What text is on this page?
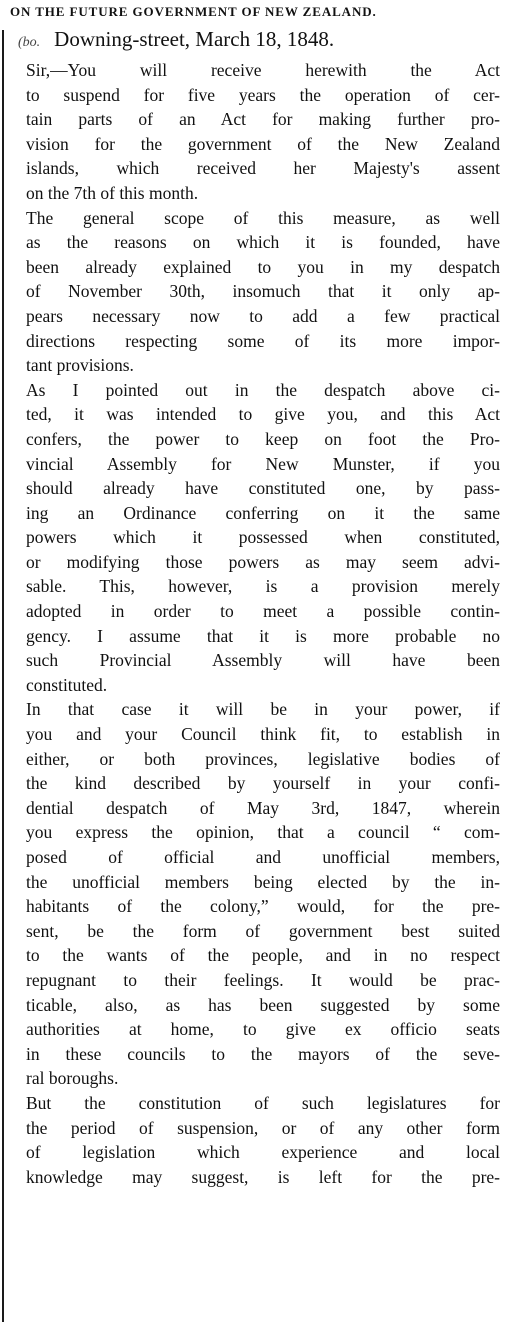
ON THE FUTURE GOVERNMENT OF NEW ZEALAND.
(bo. Downing-street, March 18, 1848.

Sir,—You will receive herewith the Act
to suspend for five years the operation of cer-
tain parts of an Act for making further pro-
vision for the government of the New Zealand
islands, which received her Majesty's assent
on the 7th of this month.

The general scope of this measure, as well
as the reasons on which it is founded, have
been already explained to you in my despatch
of November 30th, insomuch that it only ap-
pears necessary now to add a few practical
directions respecting some of its more impor-
tant provisions.

As I pointed out in the despatch above ci-
ted, it was intended to give you, and this Act
confers, the power to keep on foot the Pro-
vincial Assembly for New Munster, if you
should already have constituted one, by pass-
ing an Ordinance conferring on it the same
powers which it possessed when constituted,
or modifying those powers as may seem advi-
sable. This, however, is a provision merely
adopted in order to meet a possible contin-
gency. I assume that it is more probable no
such Provincial Assembly will have been
constituted.

In that case it will be in your power, if
you and your Council think fit, to establish in
either, or both provinces, legislative bodies of
the kind described by yourself in your confi-
dential despatch of May 3rd, 1847, wherein
you express the opinion, that a council “ com-
posed of official and unofficial members,
the unofficial members being elected by the in-
habitants of the colony,” would, for the pre-
sent, be the form of government best suited
to the wants of the people, and in no respect
repugnant to their feelings. It would be prac-
ticable, also, as has been suggested by some
authorities at home, to give ex officio seats
in these councils to the mayors of the seve-
ral boroughs.

But the constitution of such legislatures for
the period of suspension, or of any other form
of legislation which experience and local
knowledge may suggest, is left for the pre-
